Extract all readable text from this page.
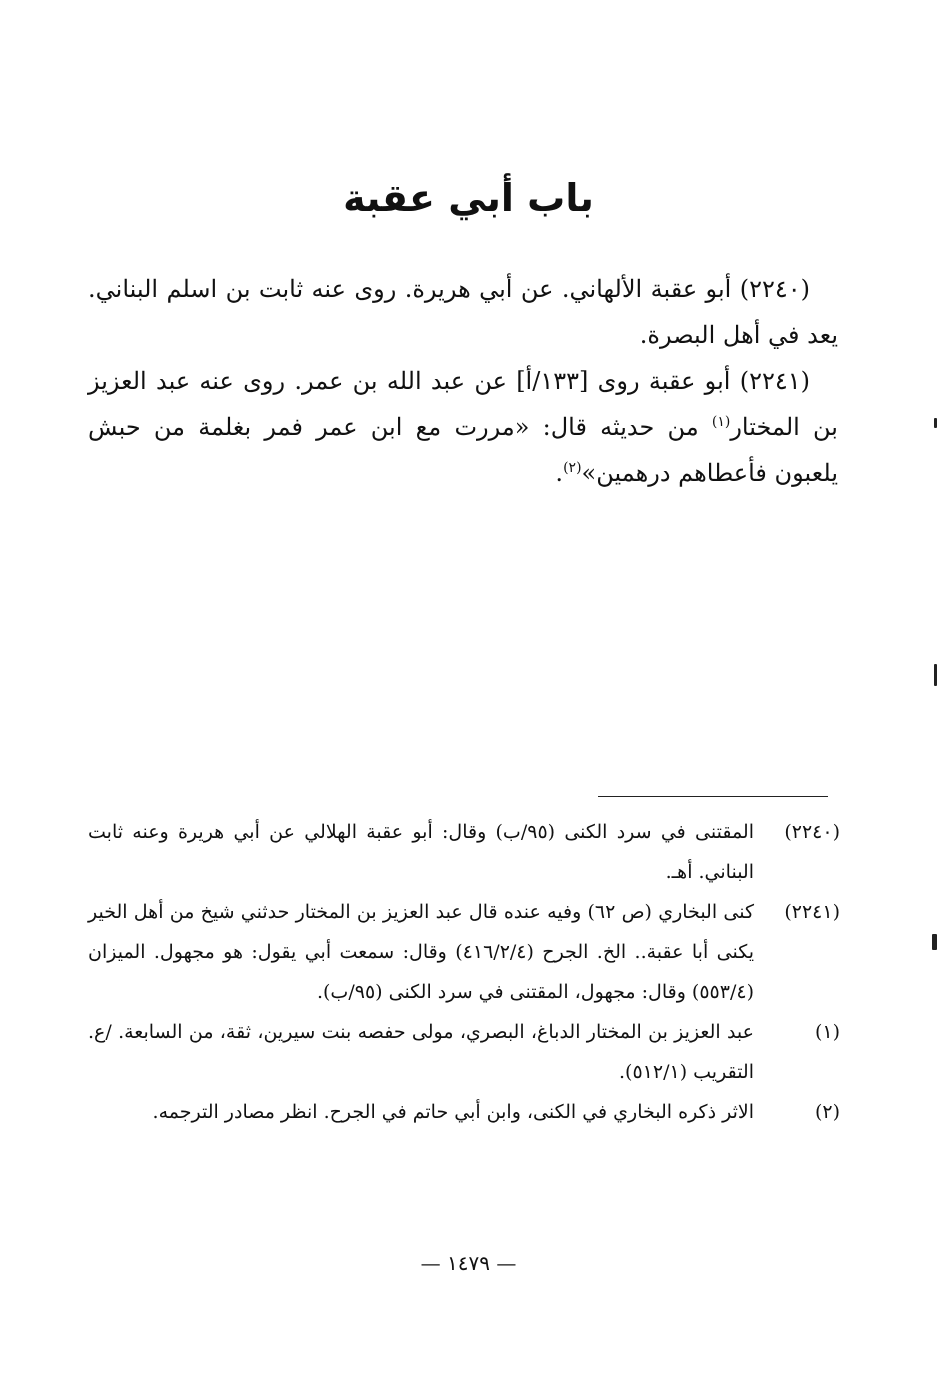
باب أبي عقبة

(٢٢٤٠) أبو عقبة الألهاني. عن أبي هريرة. روى عنه ثابت بن اسلم البناني. يعد في أهل البصرة.

(٢٢٤١) أبو عقبة روى [١٣٣/أ] عن عبد الله بن عمر. روى عنه عبد العزيز بن المختار$^{(١)}$ من حديثه قال: «مررت مع ابن عمر فمر بغلمة من حبش يلعبون فأعطاهم درهمين»$^{(٢)}$.

(٢٢٤٠)
المقتنى في سرد الكنى (٩٥/ب) وقال: أبو عقبة الهلالي عن أبي هريرة وعنه ثابت البناني. أهـ.
(٢٢٤١)
كنى البخاري (ص ٦٢) وفيه عنده قال عبد العزيز بن المختار حدثني شيخ من أهل الخير يكنى أبا عقبة.. الخ. الجرح (٤١٦/٢/٤) وقال: سمعت أبي يقول: هو مجهول. الميزان (٥٥٣/٤) وقال: مجهول، المقتنى في سرد الكنى (٩٥/ب).
(١)
عبد العزيز بن المختار الدباغ، البصري، مولى حفصه بنت سيرين، ثقة، من السابعة. /ع. التقريب (٥١٢/١).
(٢)
الاثر ذكره البخاري في الكنى، وابن أبي حاتم في الجرح. انظر مصادر الترجمه.
— ١٤٧٩ —
